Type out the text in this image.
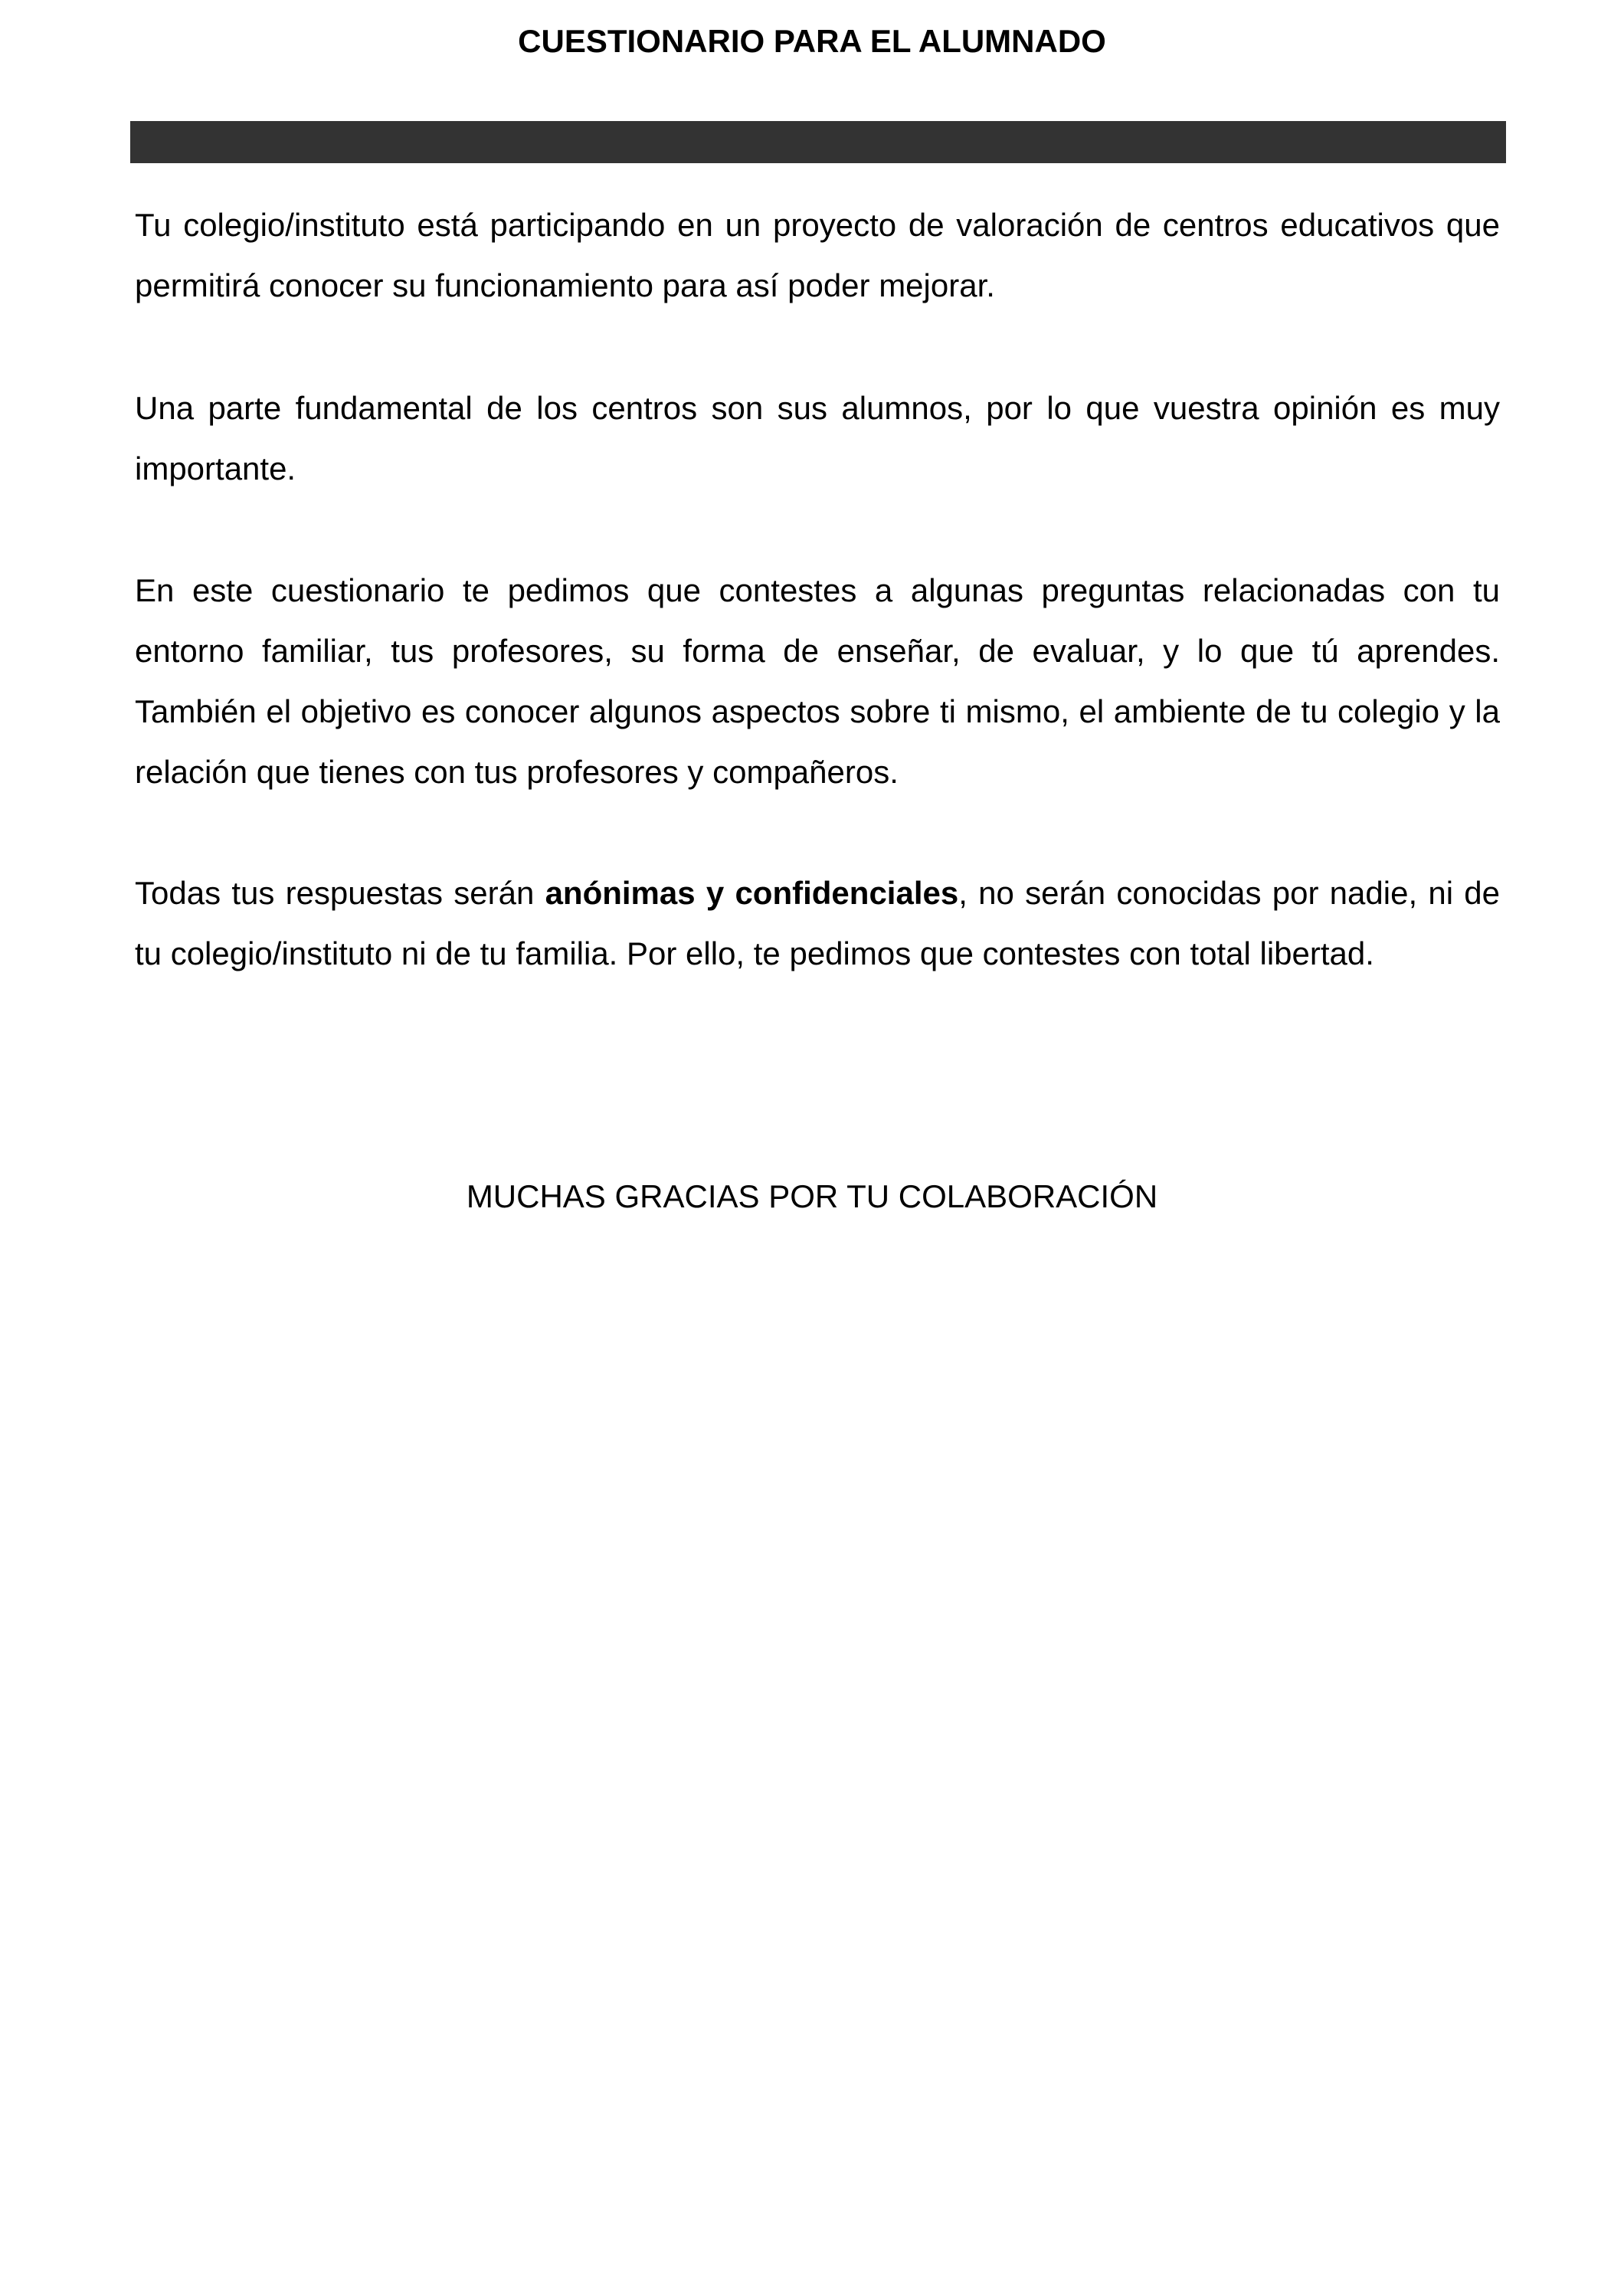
CUESTIONARIO PARA EL ALUMNADO

Tu colegio/instituto está participando en un proyecto de valoración de centros educativos que permitirá conocer su funcionamiento para así poder mejorar.

Una parte fundamental de los centros son sus alumnos, por lo que vuestra opinión es muy importante.

En este cuestionario te pedimos que contestes a algunas preguntas relacionadas con tu entorno familiar, tus profesores, su forma de enseñar, de evaluar, y lo que tú aprendes. También el objetivo es conocer algunos aspectos sobre ti mismo, el ambiente de tu colegio y la relación que tienes con tus profesores y compañeros.

Todas tus respuestas serán anónimas y confidenciales, no serán conocidas por nadie, ni de tu colegio/instituto ni de tu familia. Por ello, te pedimos que contestes con total libertad.

MUCHAS GRACIAS POR TU COLABORACIÓN
